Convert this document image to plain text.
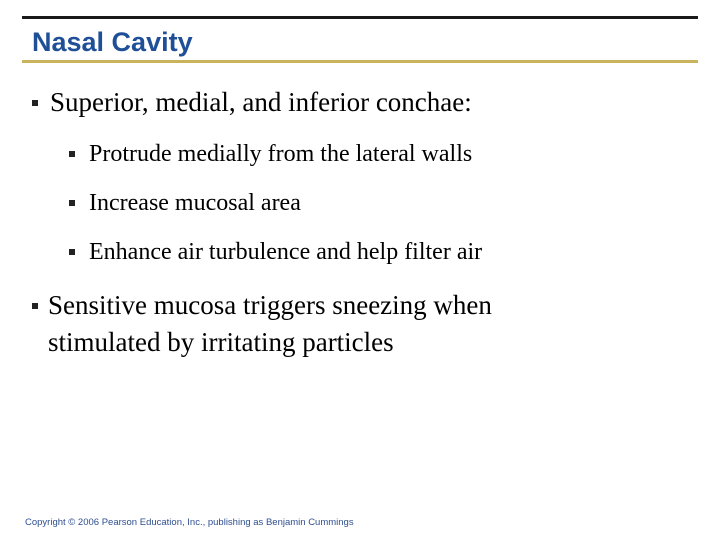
Nasal Cavity
Superior, medial, and inferior conchae:
Protrude medially from the lateral walls
Increase mucosal area
Enhance air turbulence and help filter air
Sensitive mucosa triggers sneezing when
stimulated by irritating particles
Copyright © 2006 Pearson Education, Inc., publishing as Benjamin Cummings
